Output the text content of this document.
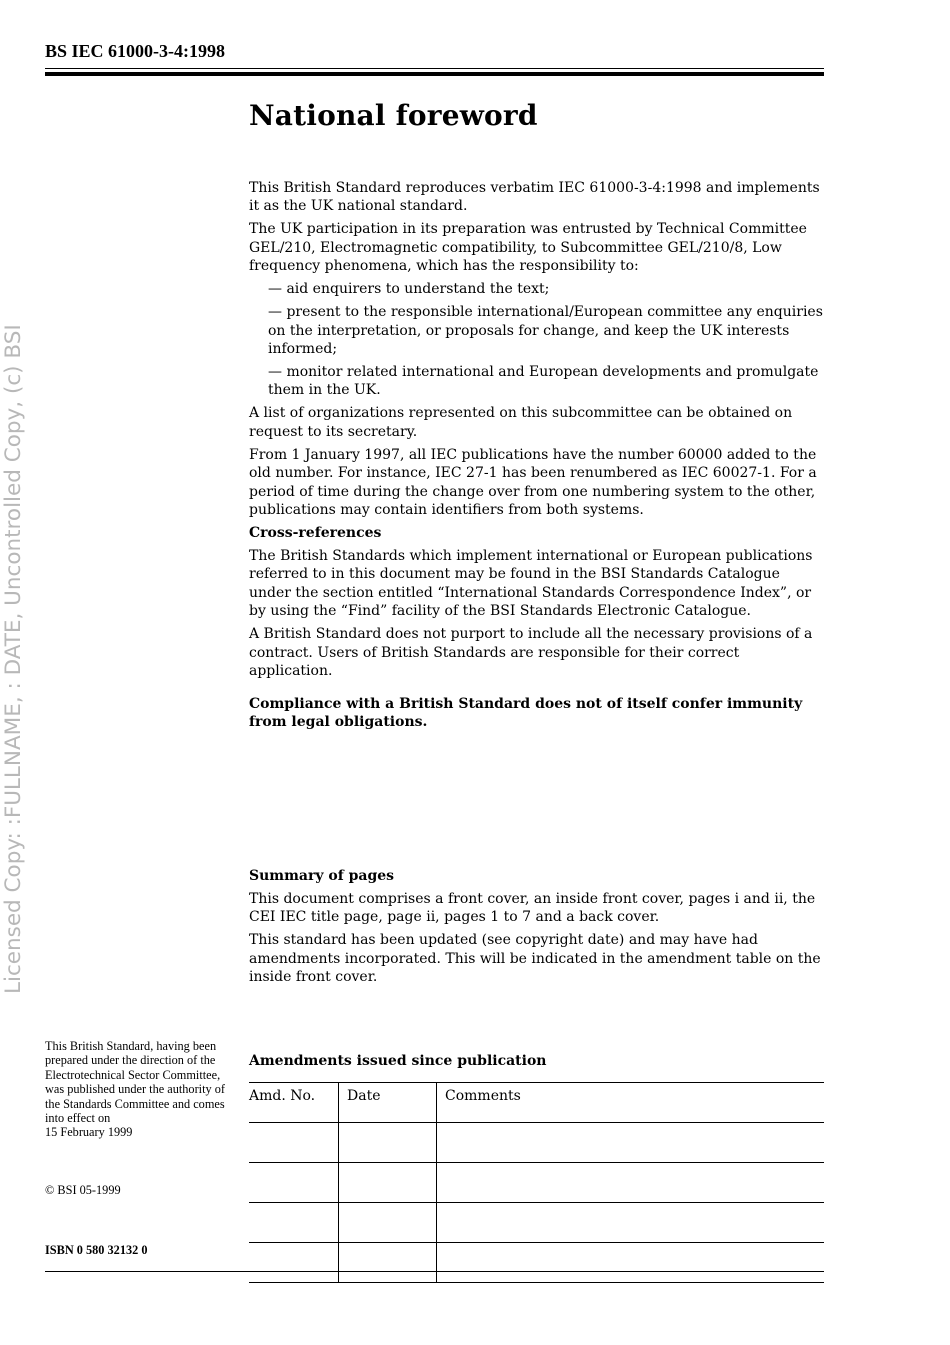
Licensed Copy: :FULLNAME, : DATE, Uncontrolled Copy, (c) BSI
BS IEC 61000-3-4:1998
National foreword

This British Standard reproduces verbatim IEC 61000-3-4:1998 and implements it as the UK national standard.

The UK participation in its preparation was entrusted by Technical Committee GEL/210, Electromagnetic compatibility, to Subcommittee GEL/210/8, Low frequency phenomena, which has the responsibility to:

— aid enquirers to understand the text;

— present to the responsible international/European committee any enquiries on the interpretation, or proposals for change, and keep the UK interests informed;

— monitor related international and European developments and promulgate them in the UK.

A list of organizations represented on this subcommittee can be obtained on request to its secretary.

From 1 January 1997, all IEC publications have the number 60000 added to the old number. For instance, IEC 27-1 has been renumbered as IEC 60027-1. For a period of time during the change over from one numbering system to the other, publications may contain identifiers from both systems.

Cross-references

The British Standards which implement international or European publications referred to in this document may be found in the BSI Standards Catalogue under the section entitled “International Standards Correspondence Index”, or by using the “Find” facility of the BSI Standards Electronic Catalogue.

A British Standard does not purport to include all the necessary provisions of a contract. Users of British Standards are responsible for their correct application.

Compliance with a British Standard does not of itself confer immunity from legal obligations.

Summary of pages

This document comprises a front cover, an inside front cover, pages i and ii, the CEI IEC title page, page ii, pages 1 to 7 and a back cover.

This standard has been updated (see copyright date) and may have had amendments incorporated. This will be indicated in the amendment table on the inside front cover.

This British Standard, having been prepared under the direction of the Electrotechnical Sector Committee, was published under the authority of the Standards Committee and comes into effect on
15 February 1999
© BSI 05-1999
ISBN 0 580 32132 0
Amendments issued since publication
Amd. No.	Date	Comments
